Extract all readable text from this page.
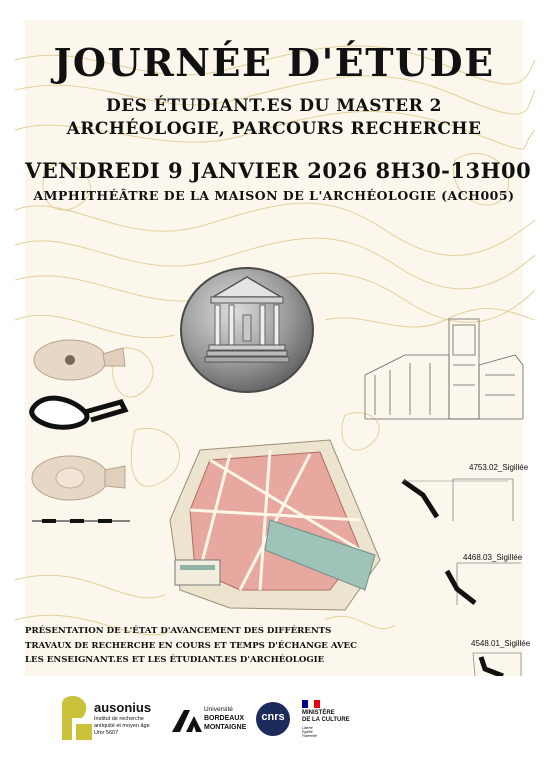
JOURNÉE D'ÉTUDE
DES ÉTUDIANT.ES DU MASTER 2
ARCHÉOLOGIE, PARCOURS RECHERCHE
VENDREDI 9 JANVIER 2026 8H30-13H00
AMPHITHÉÂTRE DE LA MAISON DE L'ARCHÉOLOGIE (ACH005)
4753.02_Sigillée
4468.03_Sigillée
4548.01_Sigillée
PRÉSENTATION DE L'ÉTAT D'AVANCEMENT DES DIFFÉRENTS
TRAVAUX DE RECHERCHE EN COURS ET TEMPS D'ÉCHANGE AVEC
LES ENSEIGNANT.ES ET LES ÉTUDIANT.ES D'ARCHÉOLOGIE
ausonius
Institut de recherche
antiquité et moyen âge
Umr 5607
Université
BORDEAUX
MONTAIGNE
cnrs	MINISTÈRE
DE LA CULTURE
Liberté
Égalité
Fraternité
